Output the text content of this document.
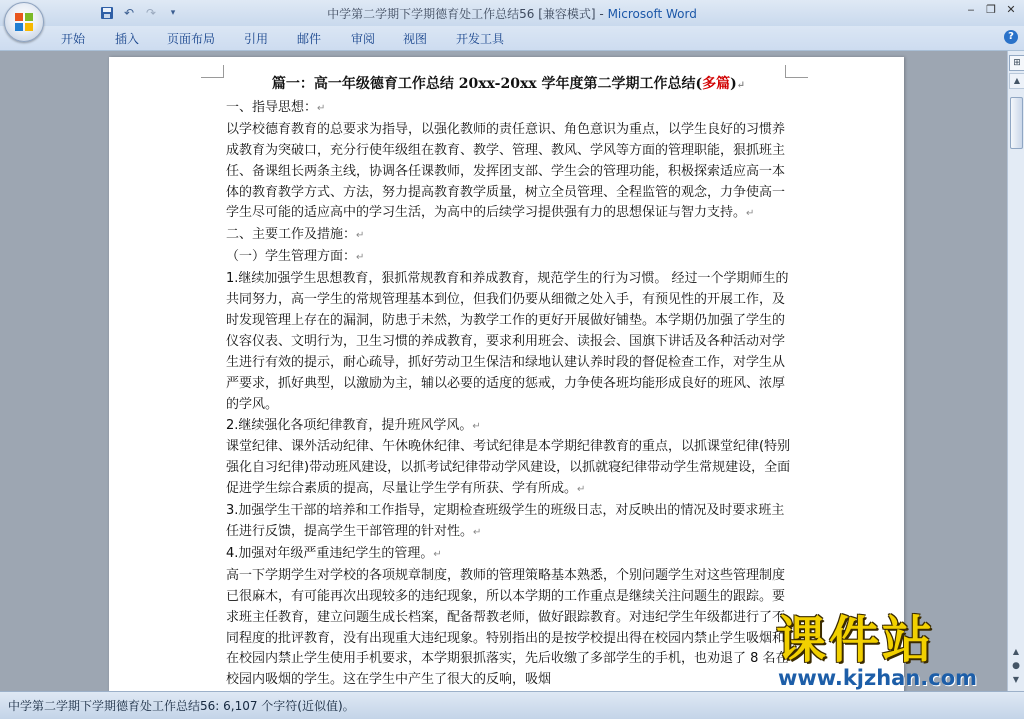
↶ ↷	▾	中学第二学期下学期德育处工作总结56 [兼容模式] - Microsoft Word	‒	❐ ✕
开始 插入 页面布局 引用 邮件 审阅 视图 开发工具	?

篇一：高一年级德育工作总结 20xx-20xx 学年度第二学期工作总结(多篇)↵

一、指导思想：↵

以学校德育教育的总要求为指导，以强化教师的责任意识、角色意识为重点，以学生良好的习惯养成教育为突破口，充分行使年级组在教育、教学、管理、教风、学风等方面的管理职能，狠抓班主任、备课组长两条主线，协调各任课教师，发挥团支部、学生会的管理功能，积极探索适应高一本体的教育教学方式、方法，努力提高教育教学质量，树立全员管理、全程监管的观念，力争使高一学生尽可能的适应高中的学习生活，为高中的后续学习提供强有力的思想保证与智力支持。↵

二、主要工作及措施：↵

（一）学生管理方面：↵

1.继续加强学生思想教育，狠抓常规教育和养成教育，规范学生的行为习惯。 经过一个学期师生的共同努力，高一学生的常规管理基本到位，但我们仍要从细微之处入手，有预见性的开展工作，及时发现管理上存在的漏洞，防患于未然，为教学工作的更好开展做好铺垫。本学期仍加强了学生的仪容仪表、文明行为，卫生习惯的养成教育，要求利用班会、读报会、国旗下讲话及各种活动对学生进行有效的提示，耐心疏导，抓好劳动卫生保洁和绿地认建认养时段的督促检查工作，对学生从严要求，抓好典型，以激励为主，辅以必要的适度的惩戒，力争使各班均能形成良好的班风、浓厚的学风。

2.继续强化各项纪律教育，提升班风学风。↵

课堂纪律、课外活动纪律、午休晚休纪律、考试纪律是本学期纪律教育的重点，以抓课堂纪律(特别强化自习纪律)带动班风建设，以抓考试纪律带动学风建设，以抓就寝纪律带动学生常规建设，全面促进学生综合素质的提高，尽量让学生学有所获、学有所成。↵

3.加强学生干部的培养和工作指导，定期检查班级学生的班级日志，对反映出的情况及时要求班主任进行反馈，提高学生干部管理的针对性。↵

4.加强对年级严重违纪学生的管理。↵

高一下学期学生对学校的各项规章制度，教师的管理策略基本熟悉，个别问题学生对这些管理制度已很麻木，有可能再次出现较多的违纪现象，所以本学期的工作重点是继续关注问题生的跟踪。要求班主任教育，建立问题生成长档案，配备帮教老师，做好跟踪教育。对违纪学生年级都进行了不同程度的批评教育，没有出现重大违纪现象。特别指出的是按学校提出得在校园内禁止学生吸烟和在校园内禁止学生使用手机要求，本学期狠抓落实，先后收缴了多部学生的手机，也劝退了 8 名在校园内吸烟的学生。这在学生中产生了很大的反响，吸烟

⊞
▲
▲
●
▼
中学第二学期下学期德育处工作总结56: 6,107 个字符(近似值)。
课件站
www.kjzhan.com
